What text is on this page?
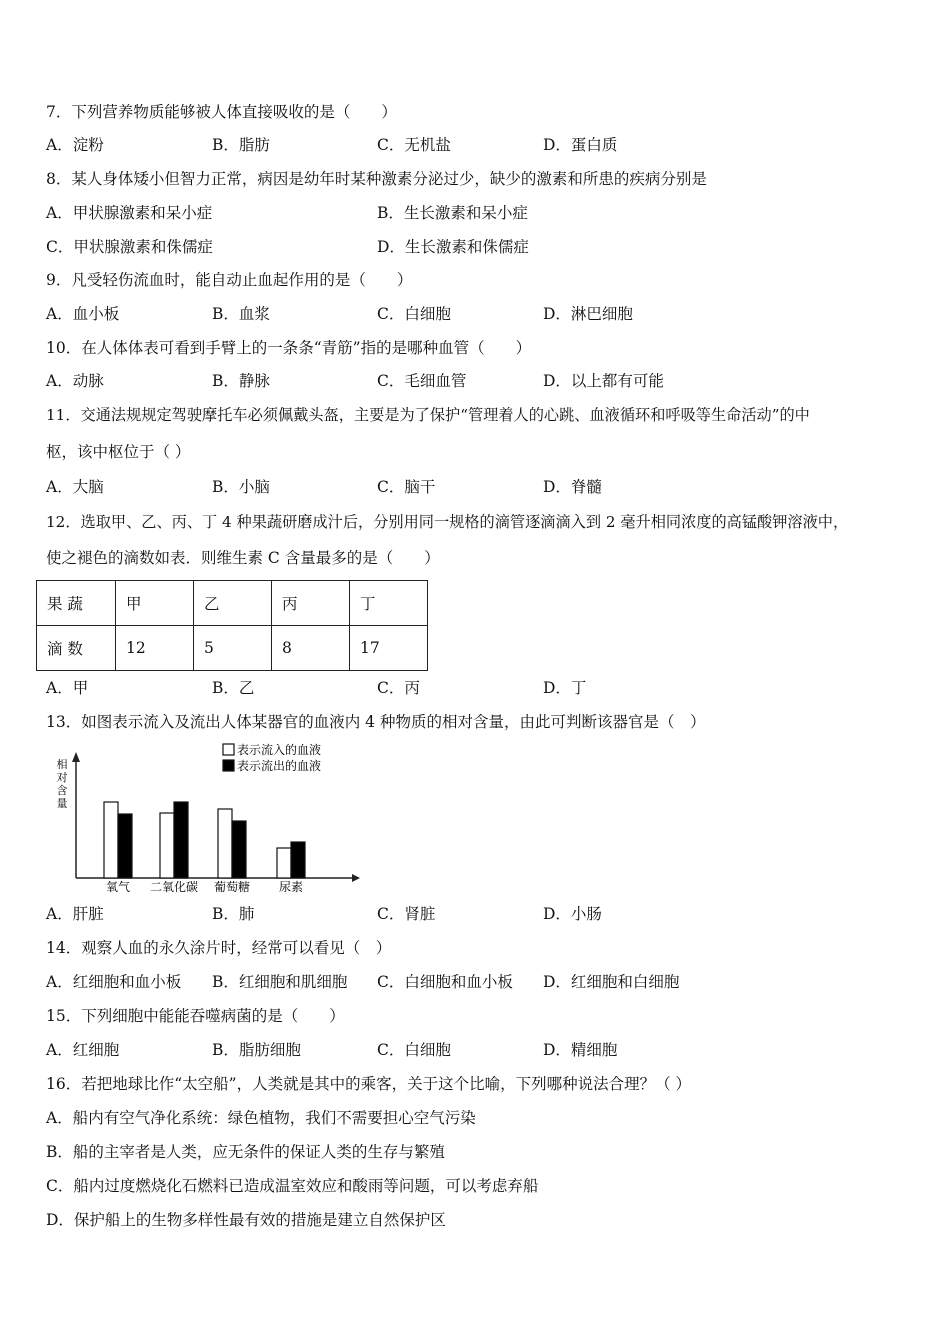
7．下列营养物质能够被人体直接吸收的是（　　）
A．淀粉	B．脂肪	C．无机盐	D．蛋白质
8．某人身体矮小但智力正常，病因是幼年时某种激素分泌过少，缺少的激素和所患的疾病分别是
A．甲状腺激素和呆小症	B．生长激素和呆小症
C．甲状腺激素和侏儒症	D．生长激素和侏儒症
9．凡受轻伤流血时，能自动止血起作用的是（　　）
A．血小板	B．血浆	C．白细胞	D．淋巴细胞
10．在人体体表可看到手臂上的一条条“青筋”指的是哪种血管（　　）
A．动脉	B．静脉	C．毛细血管	D．以上都有可能
11．交通法规规定驾驶摩托车必须佩戴头盔，主要是为了保护“管理着人的心跳、血液循环和呼吸等生命活动”的中
枢，该中枢位于（ ）
A．大脑	B．小脑	C．脑干	D．脊髓
12．选取甲、乙、丙、丁 4 种果蔬研磨成汁后，分别用同一规格的滴管逐滴滴入到 2 毫升相同浓度的高锰酸钾溶液中，
使之褪色的滴数如表．则维生素 C 含量最多的是（　　）
果 蔬	甲	乙	丙	丁
滴 数	12	5	8	17
A．甲	B．乙	C．丙	D．丁
13．如图表示流入及流出人体某器官的血液内 4 种物质的相对含量，由此可判断该器官是（　）
表示流入的血液
表示流出的血液
氧气 二氧化碳 葡萄糖 尿素
相
对
含
量
A．肝脏	B．肺	C．肾脏	D．小肠
14．观察人血的永久涂片时，经常可以看见（　）
A．红细胞和血小板 B．红细胞和肌细胞 C．白细胞和血小板 D．红细胞和白细胞
15．下列细胞中能能吞噬病菌的是（　　）
A．红细胞	B．脂肪细胞	C．白细胞	D．精细胞
16．若把地球比作“太空船”，人类就是其中的乘客，关于这个比喻，下列哪种说法合理？（ ）
A．船内有空气净化系统：绿色植物，我们不需要担心空气污染
B．船的主宰者是人类，应无条件的保证人类的生存与繁殖
C．船内过度燃烧化石燃料已造成温室效应和酸雨等问题，可以考虑弃船
D．保护船上的生物多样性最有效的措施是建立自然保护区
